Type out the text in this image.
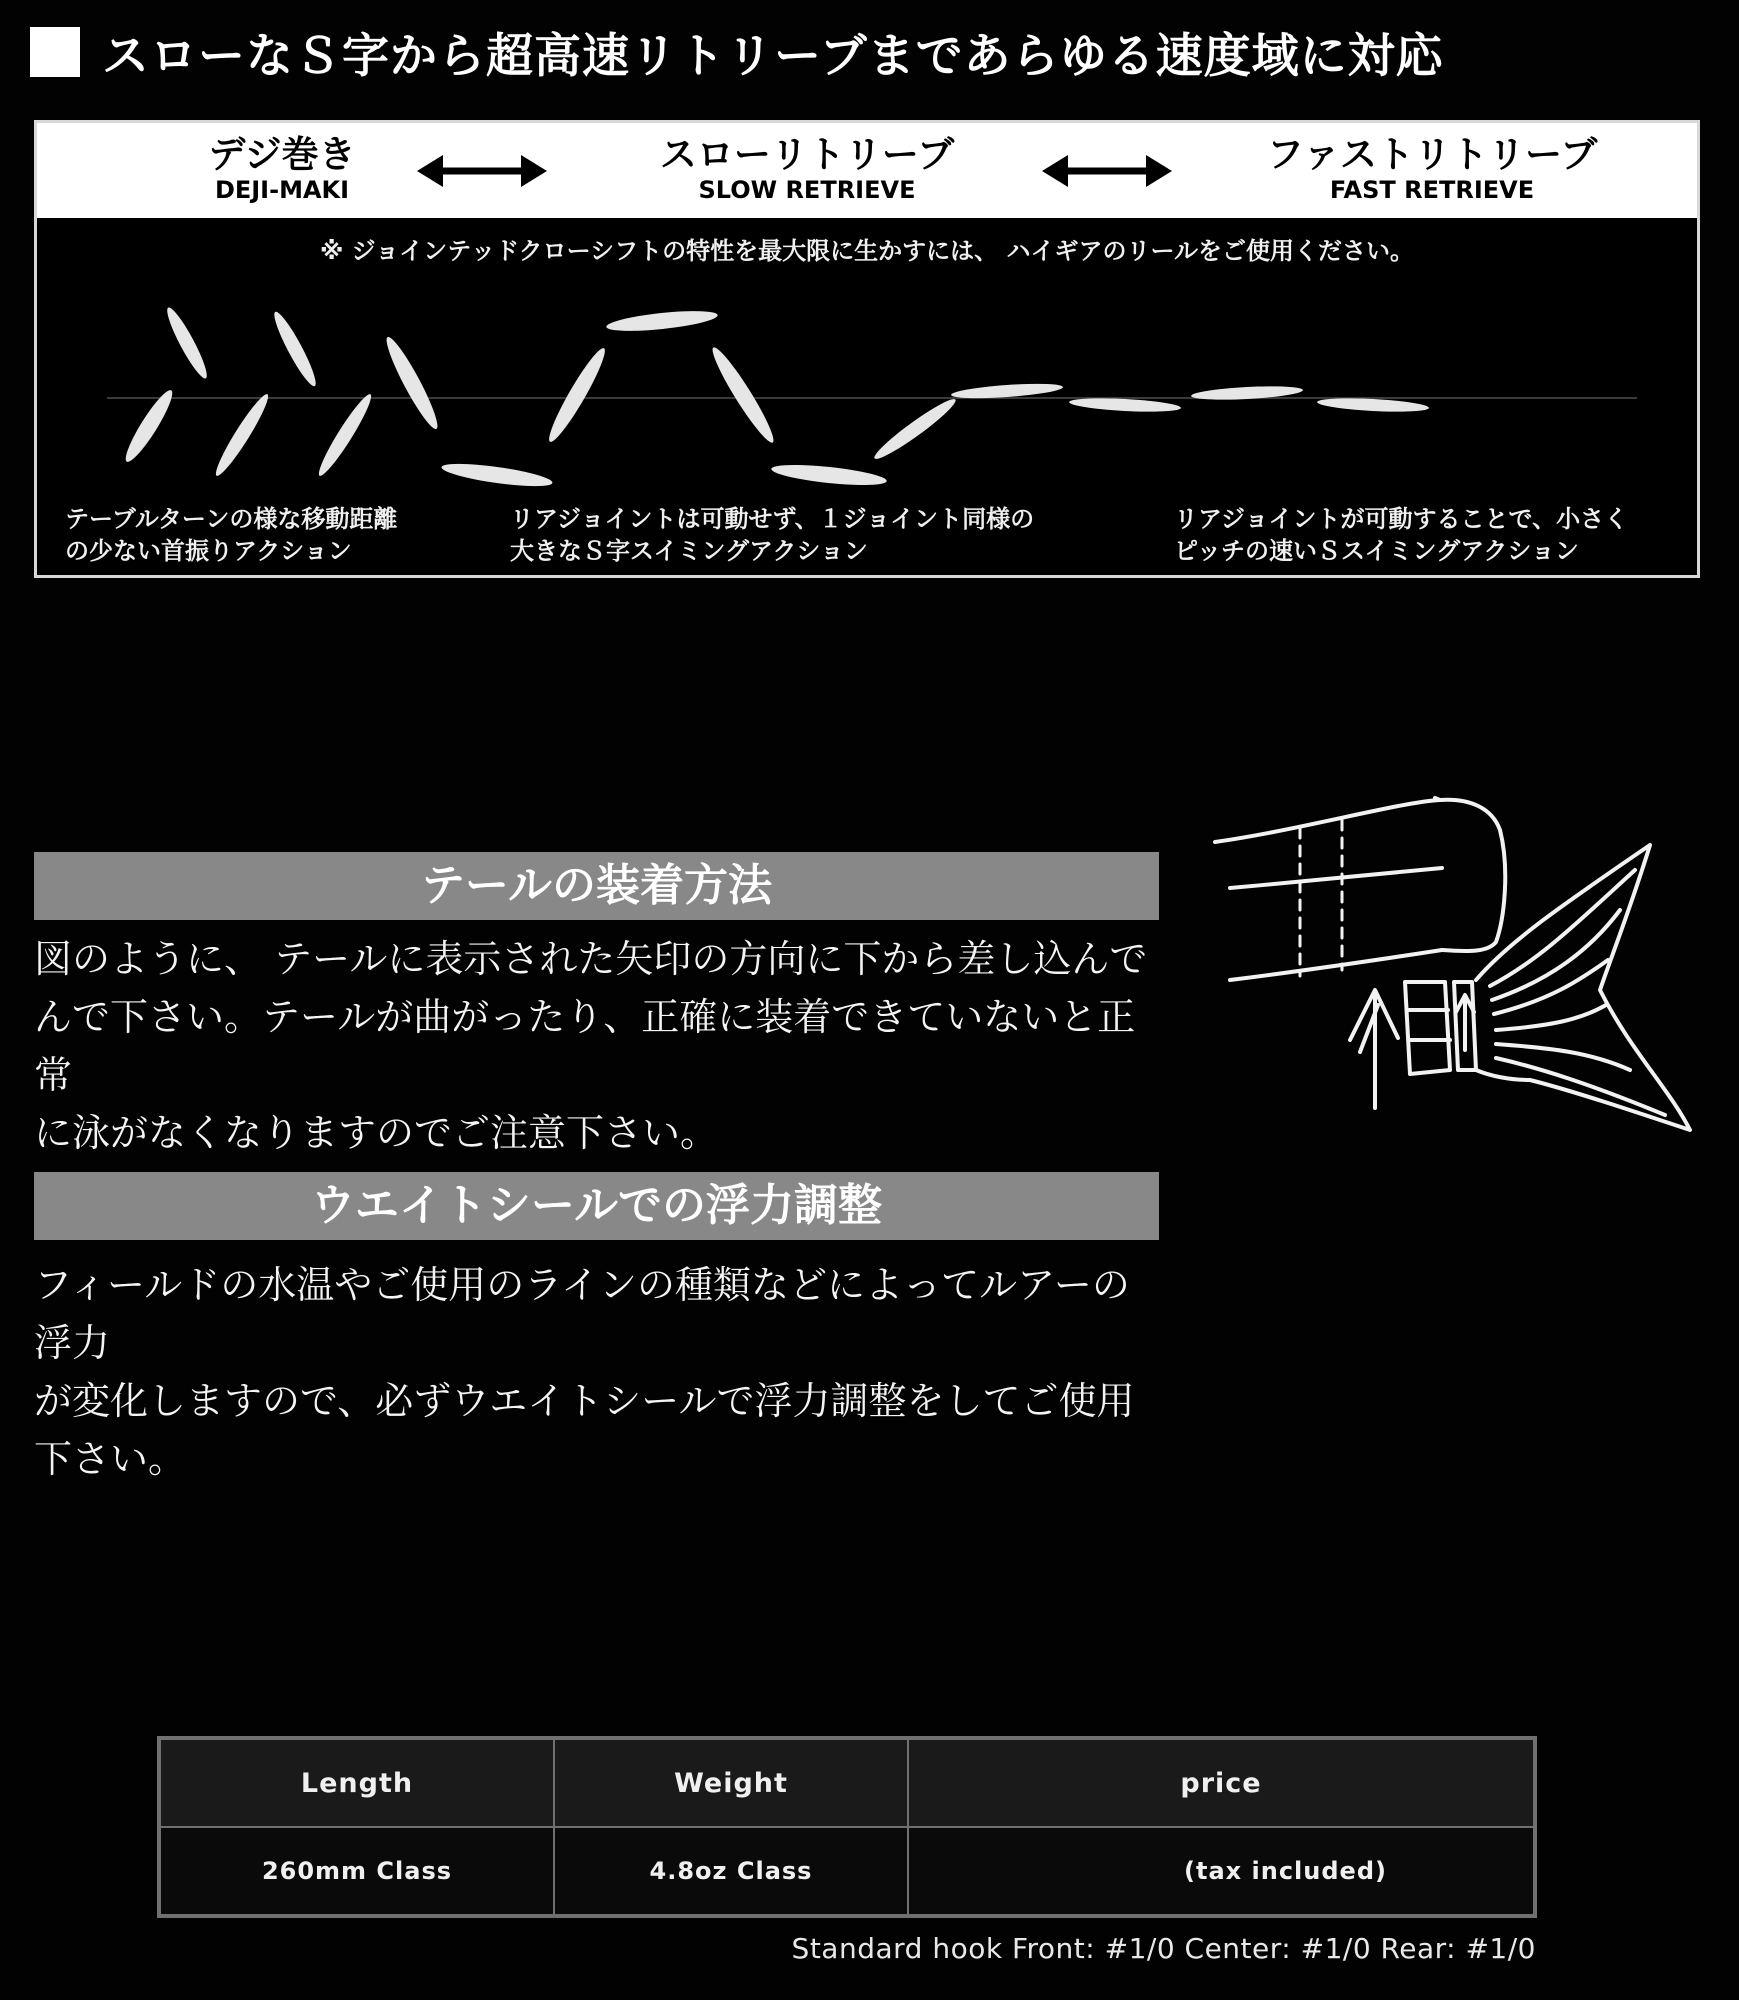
スローなＳ字から超高速リトリーブまであらゆる速度域に対応
デジ巻き
DEJI-MAKI
スローリトリーブ
SLOW RETRIEVE
ファストリトリーブ
FAST RETRIEVE
※ ジョインテッドクローシフトの特性を最大限に生かすには、 ハイギアのリールをご使用ください。
テーブルターンの様な移動距離
の少ない首振りアクション
リアジョイントは可動せず、１ジョイント同様の
大きなＳ字スイミングアクション
リアジョイントが可動することで、小さく
ピッチの速いＳスイミングアクション
テールの装着方法
図のように、 テールに表示された矢印の方向に下から差し込んで
んで下さい。テールが曲がったり、正確に装着できていないと正常
に泳がなくなりますのでご注意下さい。
ウエイトシールでの浮力調整
フィールドの水温やご使用のラインの種類などによってルアーの浮力
が変化しますので、必ずウエイトシールで浮力調整をしてご使用
下さい。
Length	Weight	price
260mm Class	4.8oz Class	(tax included)
Standard hook Front: #1/0 Center: #1/0 Rear: #1/0
